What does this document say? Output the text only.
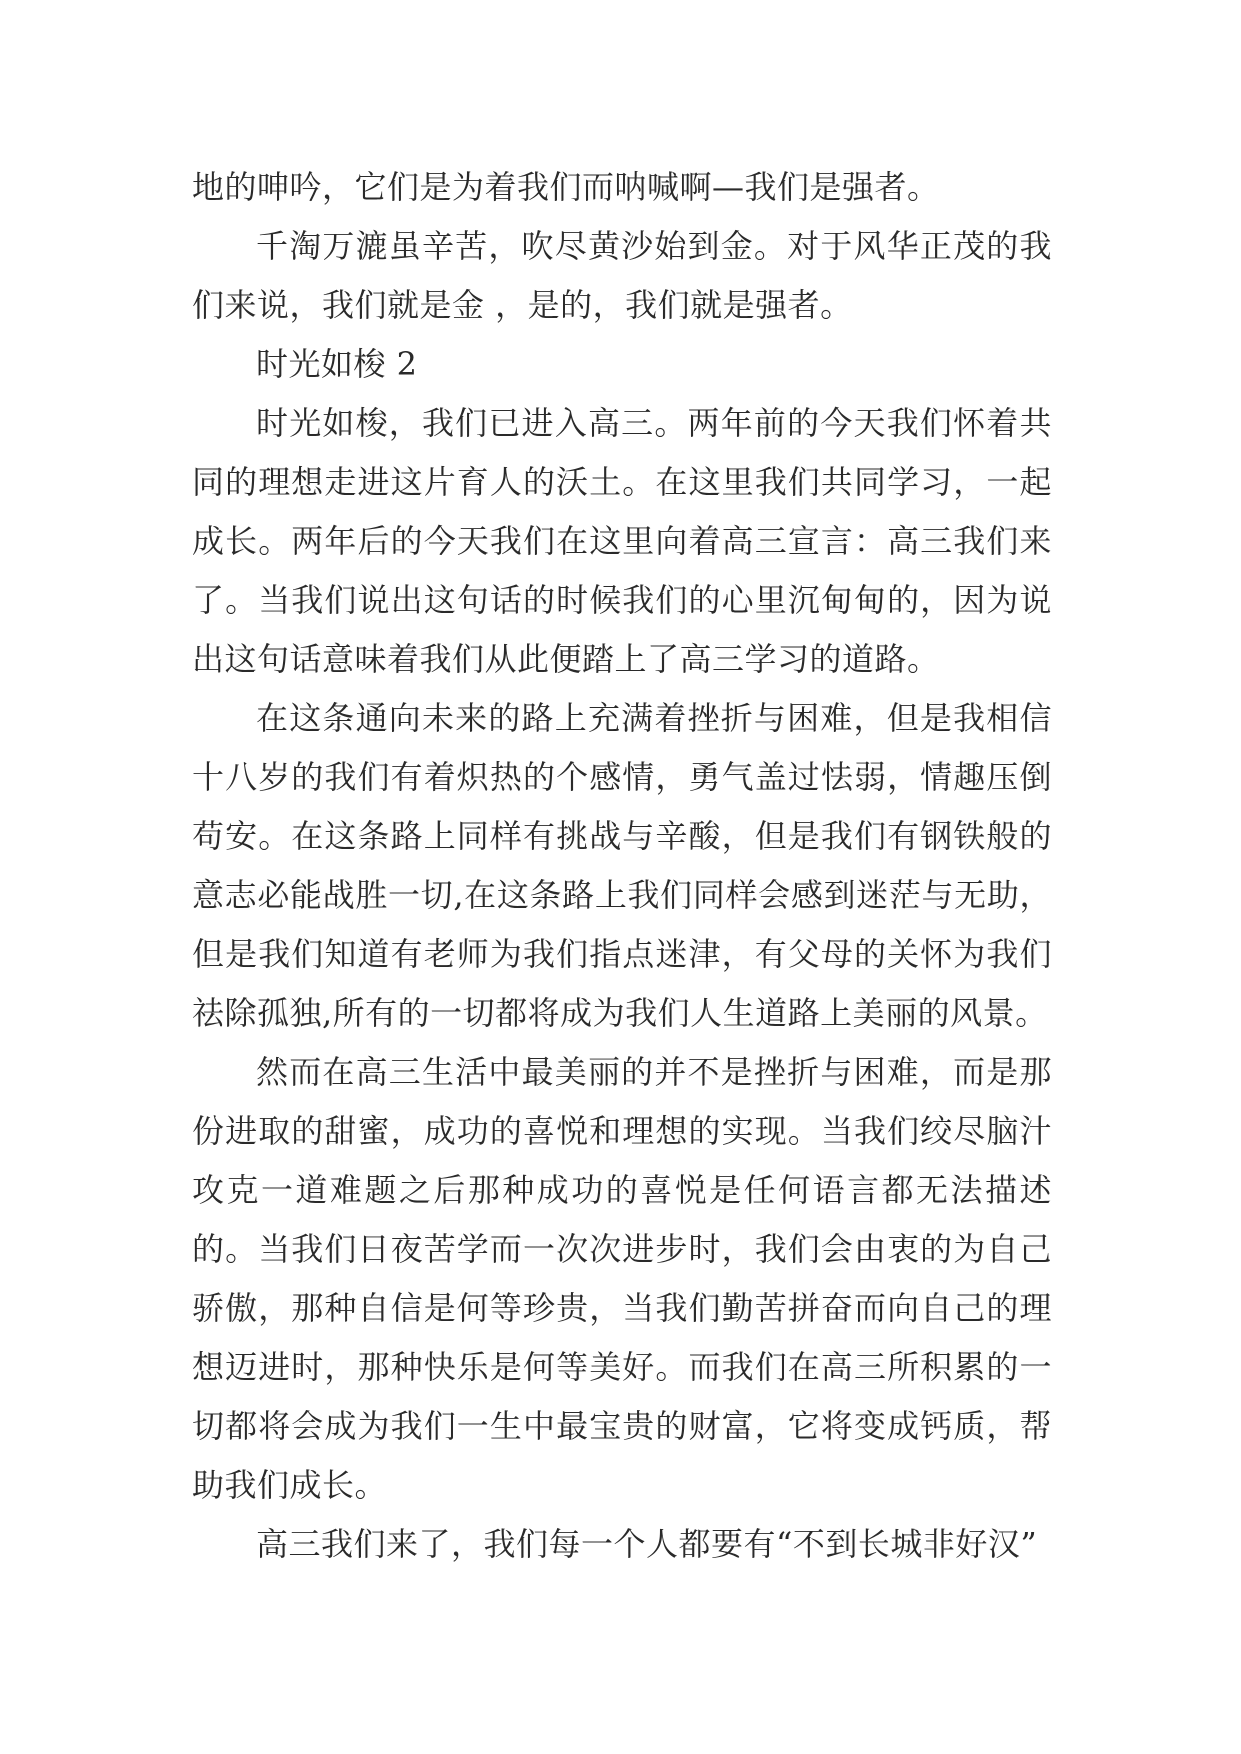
地的呻吟，它们是为着我们而呐喊啊—我们是强者。

千淘万漉虽辛苦，吹尽黄沙始到金。对于风华正茂的我们来说，我们就是金 ，是的，我们就是强者。

时光如梭 2

时光如梭，我们已进入高三。两年前的今天我们怀着共同的理想走进这片育人的沃土。在这里我们共同学习，一起成长。两年后的今天我们在这里向着高三宣言：高三我们来了。当我们说出这句话的时候我们的心里沉甸甸的，因为说出这句话意味着我们从此便踏上了高三学习的道路。

在这条通向未来的路上充满着挫折与困难，但是我相信十八岁的我们有着炽热的个感情，勇气盖过怯弱，情趣压倒苟安。在这条路上同样有挑战与辛酸，但是我们有钢铁般的意志必能战胜一切,在这条路上我们同样会感到迷茫与无助，但是我们知道有老师为我们指点迷津，有父母的关怀为我们祛除孤独,所有的一切都将成为我们人生道路上美丽的风景。

然而在高三生活中最美丽的并不是挫折与困难，而是那份进取的甜蜜，成功的喜悦和理想的实现。当我们绞尽脑汁攻克一道难题之后那种成功的喜悦是任何语言都无法描述的。当我们日夜苦学而一次次进步时，我们会由衷的为自己骄傲，那种自信是何等珍贵，当我们勤苦拼奋而向自己的理想迈进时，那种快乐是何等美好。而我们在高三所积累的一切都将会成为我们一生中最宝贵的财富，它将变成钙质，帮助我们成长。

高三我们来了，我们每一个人都要有“不到长城非好汉”
